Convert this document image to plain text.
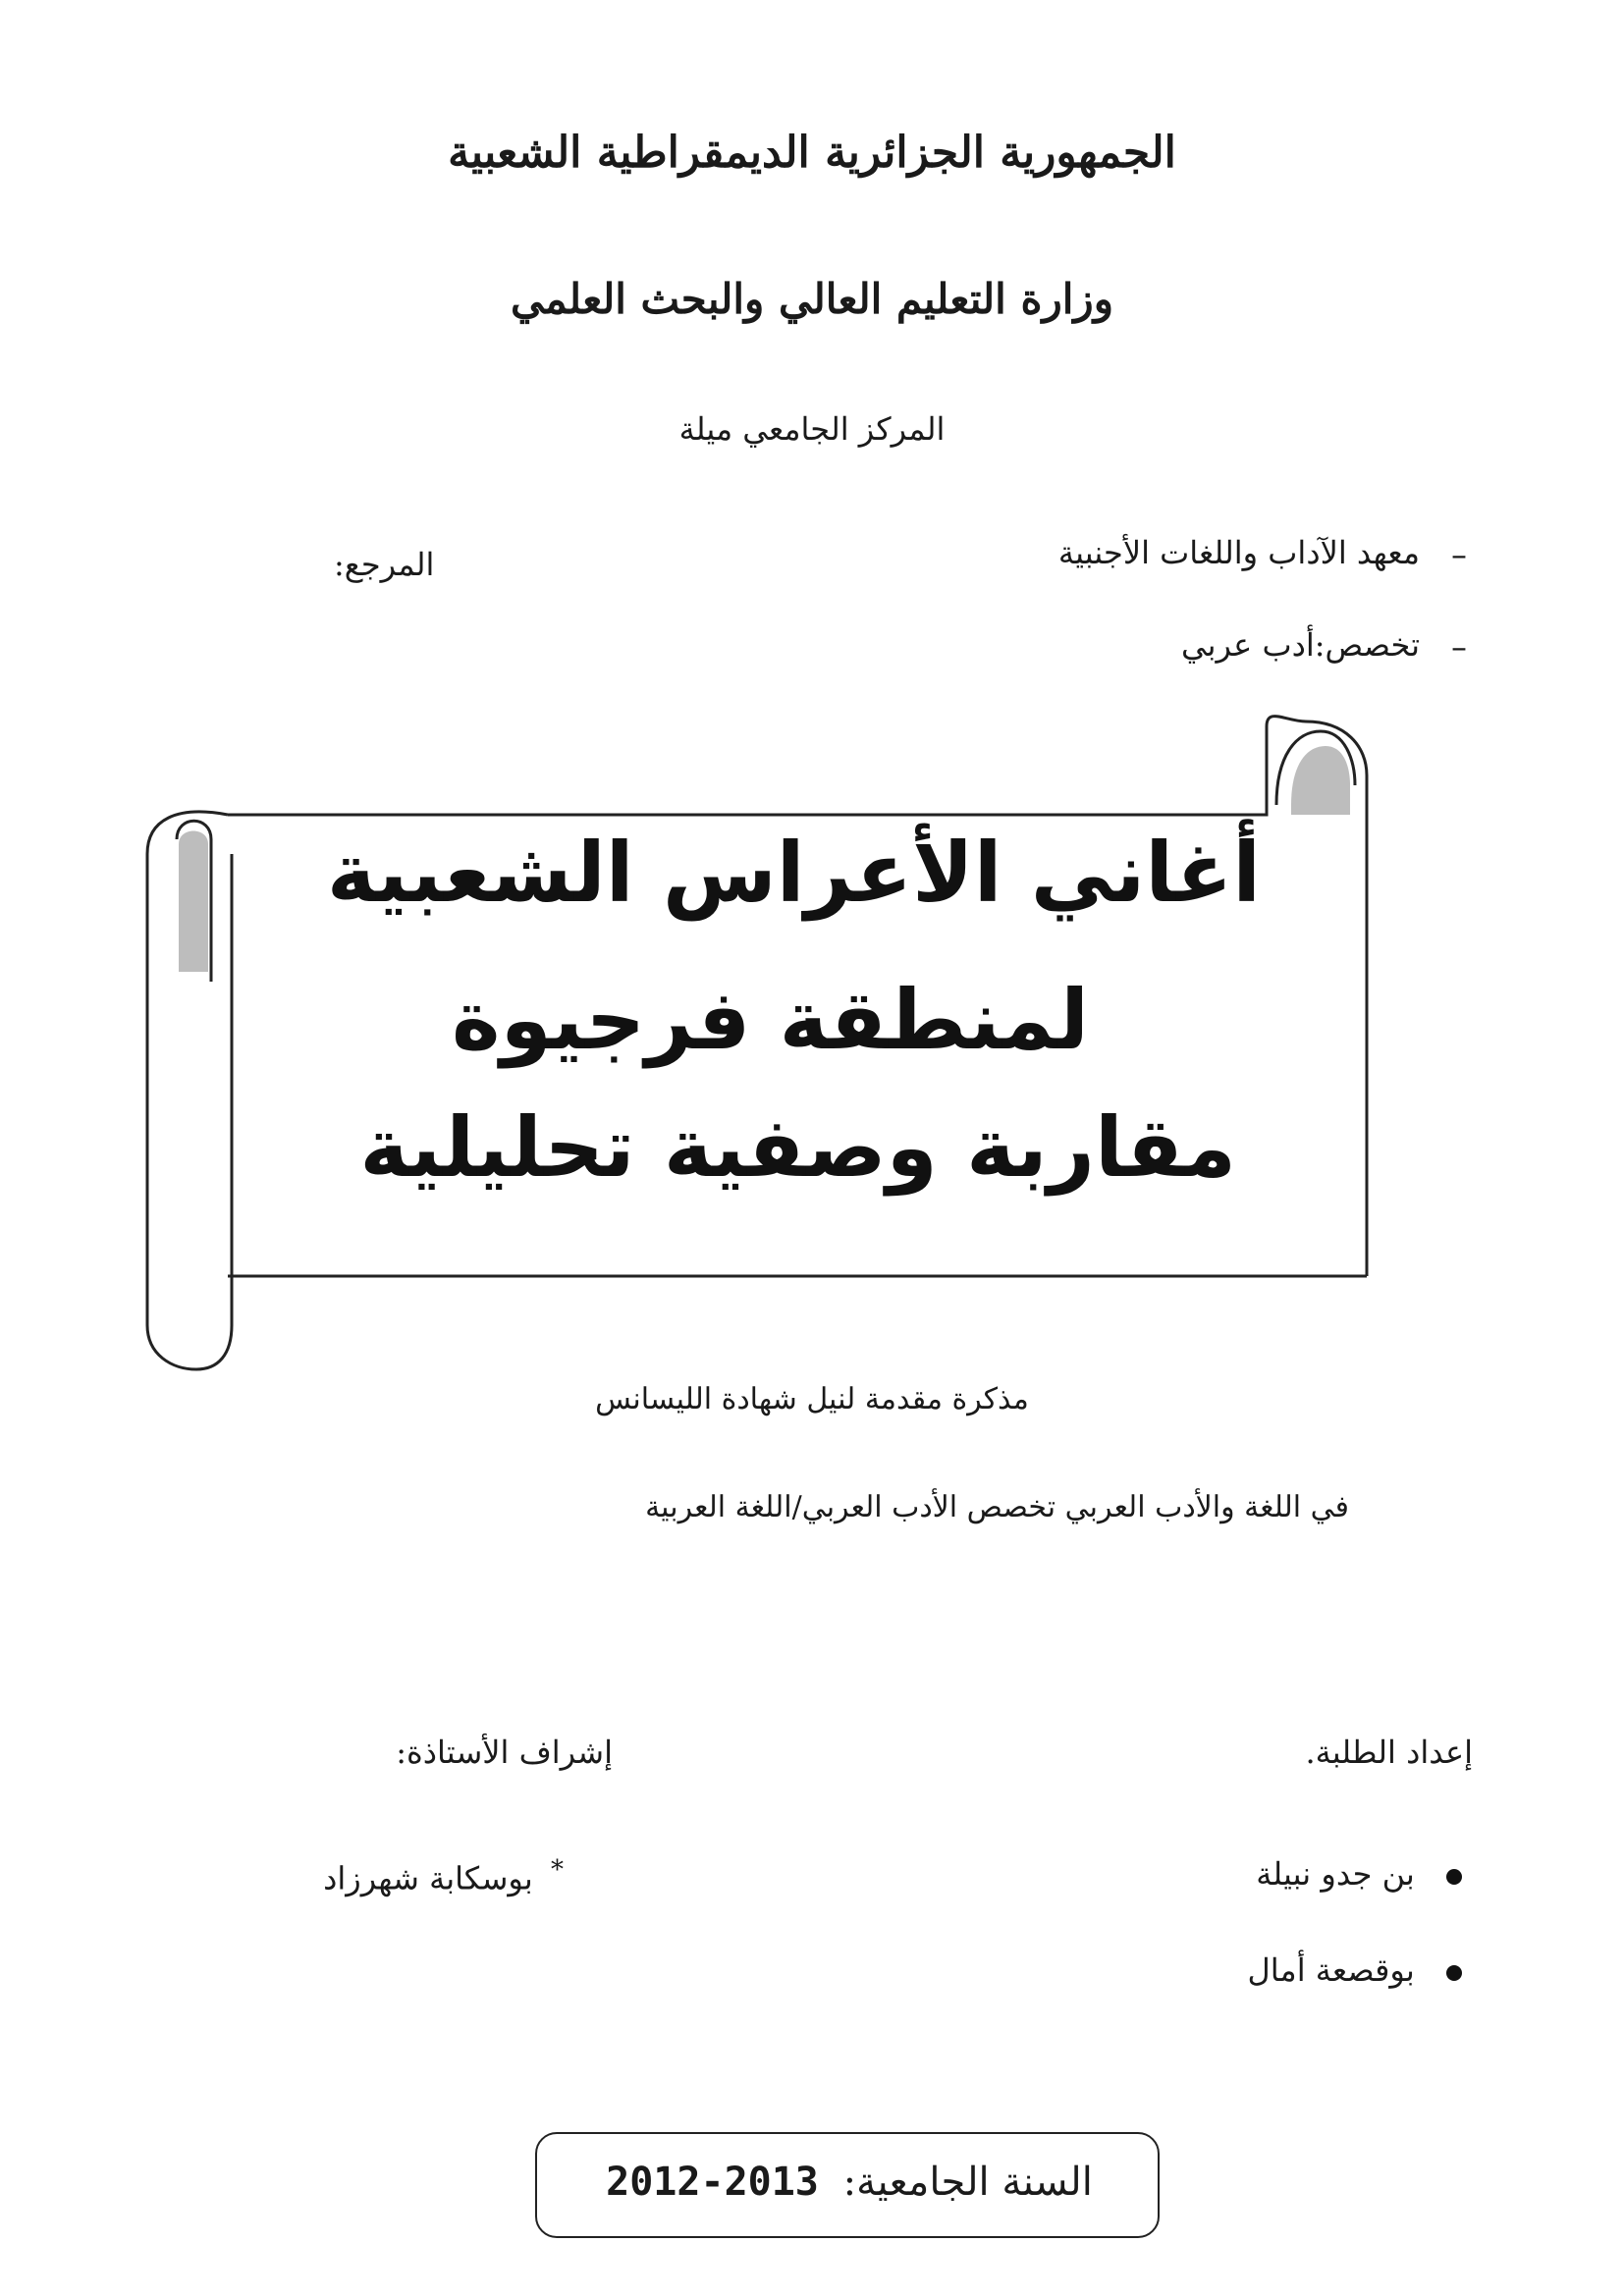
الجمهورية الجزائرية الديمقراطية الشعبية
وزارة التعليم العالي والبحث العلمي
المركز الجامعي ميلة
–
معهد الآداب واللغات الأجنبية
–
تخصص:أدب عربي
المرجع:
أغاني الأعراس الشعبية
لمنطقة فرجيوة
مقاربة وصفية تحليلية
مذكرة مقدمة لنيل شهادة الليسانس
في اللغة والأدب العربي تخصص الأدب العربي/اللغة العربية
إعداد الطلبة.
بن جدو نبيلة
بوقصعة أمال
إشراف الأستاذة:
* بوسكابة شهرزاد
السنة الجامعية: 2013-2012
